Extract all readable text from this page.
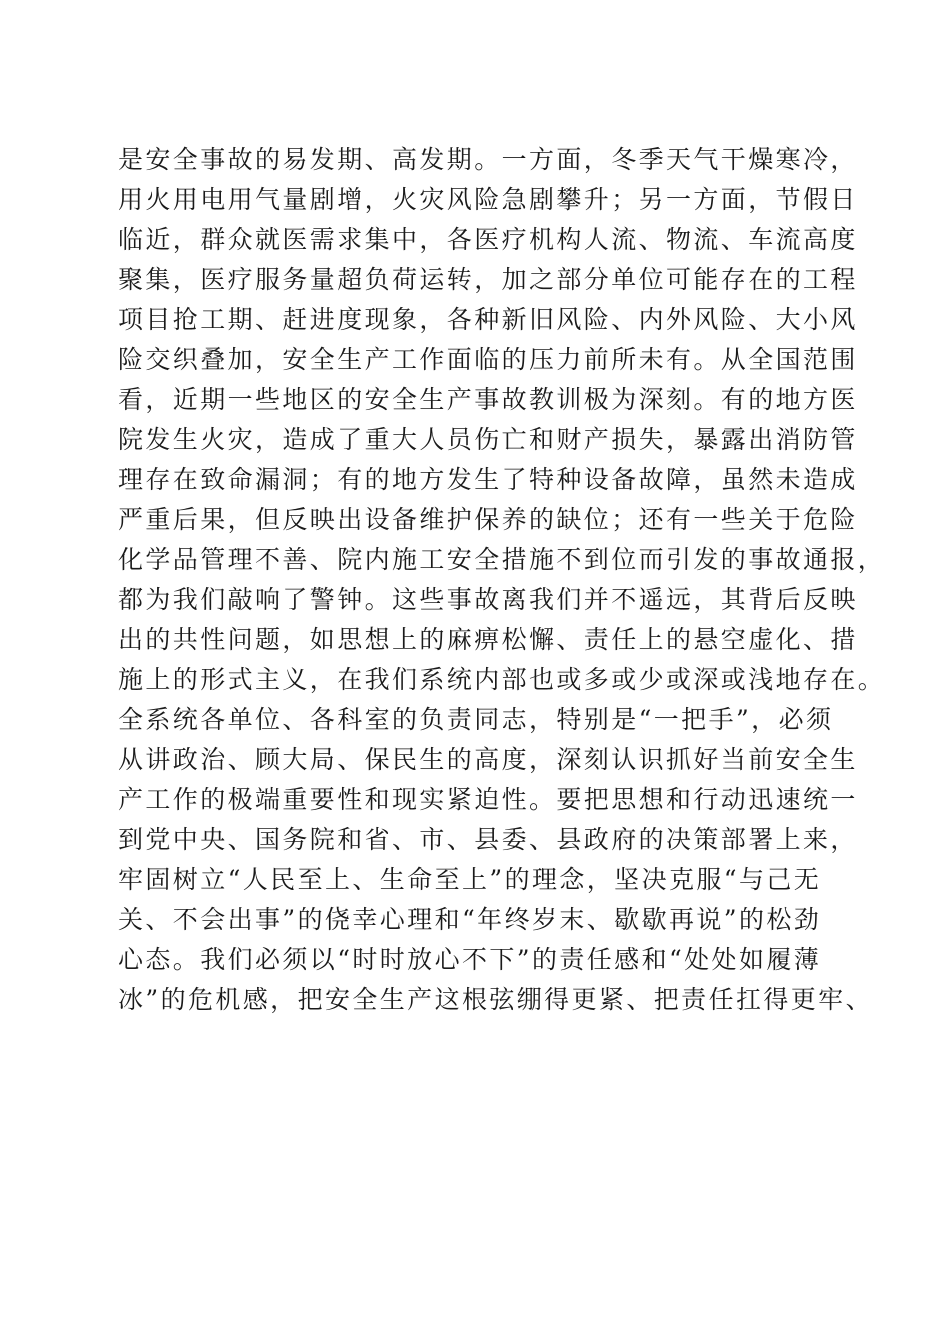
是安全事故的易发期、高发期。一方面，冬季天气干燥寒冷，
用火用电用气量剧增，火灾风险急剧攀升；另一方面，节假日
临近，群众就医需求集中，各医疗机构人流、物流、车流高度
聚集，医疗服务量超负荷运转，加之部分单位可能存在的工程
项目抢工期、赶进度现象，各种新旧风险、内外风险、大小风
险交织叠加，安全生产工作面临的压力前所未有。从全国范围
看，近期一些地区的安全生产事故教训极为深刻。有的地方医
院发生火灾，造成了重大人员伤亡和财产损失，暴露出消防管
理存在致命漏洞；有的地方发生了特种设备故障，虽然未造成
严重后果，但反映出设备维护保养的缺位；还有一些关于危险
化学品管理不善、院内施工安全措施不到位而引发的事故通报，
都为我们敲响了警钟。这些事故离我们并不遥远，其背后反映
出的共性问题，如思想上的麻痹松懈、责任上的悬空虚化、措
施上的形式主义，在我们系统内部也或多或少或深或浅地存在。
全系统各单位、各科室的负责同志，特别是“一把手”，必须
从讲政治、顾大局、保民生的高度，深刻认识抓好当前安全生
产工作的极端重要性和现实紧迫性。要把思想和行动迅速统一
到党中央、国务院和省、市、县委、县政府的决策部署上来，
牢固树立“人民至上、生命至上”的理念，坚决克服“与己无
关、不会出事”的侥幸心理和“年终岁末、歇歇再说”的松劲
心态。我们必须以“时时放心不下”的责任感和“处处如履薄
冰”的危机感，把安全生产这根弦绷得更紧、把责任扛得更牢、
